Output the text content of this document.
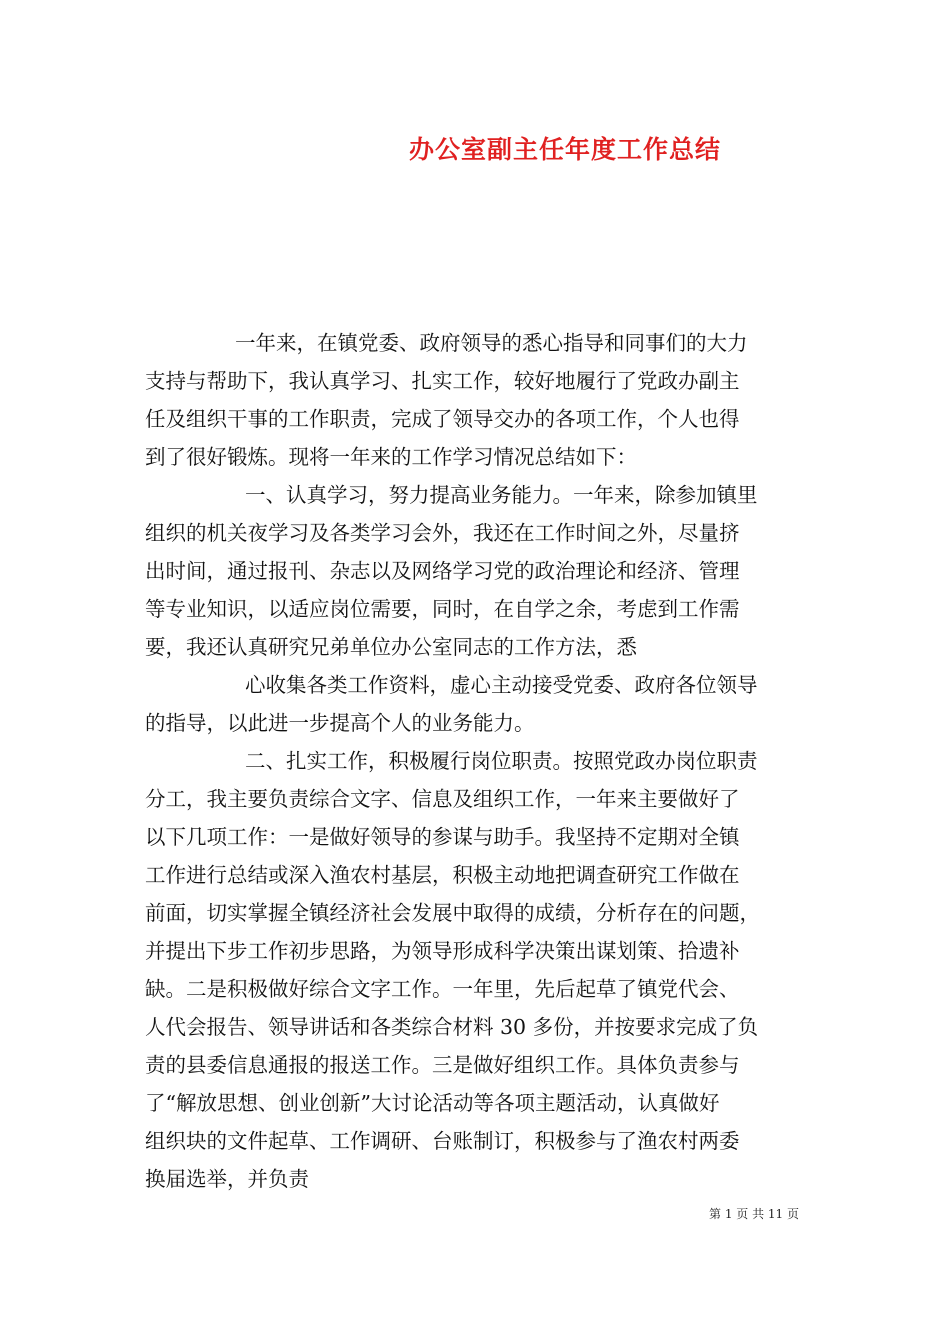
办公室副主任年度工作总结

一年来，在镇党委、政府领导的悉心指导和同事们的大力

支持与帮助下，我认真学习、扎实工作，较好地履行了党政办副主

任及组织干事的工作职责，完成了领导交办的各项工作，个人也得

到了很好锻炼。现将一年来的工作学习情况总结如下：

一、认真学习，努力提高业务能力。一年来，除参加镇里

组织的机关夜学习及各类学习会外，我还在工作时间之外，尽量挤

出时间，通过报刊、杂志以及网络学习党的政治理论和经济、管理

等专业知识，以适应岗位需要，同时，在自学之余，考虑到工作需

要，我还认真研究兄弟单位办公室同志的工作方法，悉

心收集各类工作资料，虚心主动接受党委、政府各位领导

的指导，以此进一步提高个人的业务能力。

二、扎实工作，积极履行岗位职责。按照党政办岗位职责

分工，我主要负责综合文字、信息及组织工作，一年来主要做好了

以下几项工作：一是做好领导的参谋与助手。我坚持不定期对全镇

工作进行总结或深入渔农村基层，积极主动地把调查研究工作做在

前面，切实掌握全镇经济社会发展中取得的成绩，分析存在的问题，

并提出下步工作初步思路，为领导形成科学决策出谋划策、拾遗补

缺。二是积极做好综合文字工作。一年里，先后起草了镇党代会、

人代会报告、领导讲话和各类综合材料 30 多份，并按要求完成了负

责的县委信息通报的报送工作。三是做好组织工作。具体负责参与

了“解放思想、创业创新”大讨论活动等各项主题活动，认真做好

组织块的文件起草、工作调研、台账制订，积极参与了渔农村两委

换届选举，并负责

第 1 页 共 11 页
